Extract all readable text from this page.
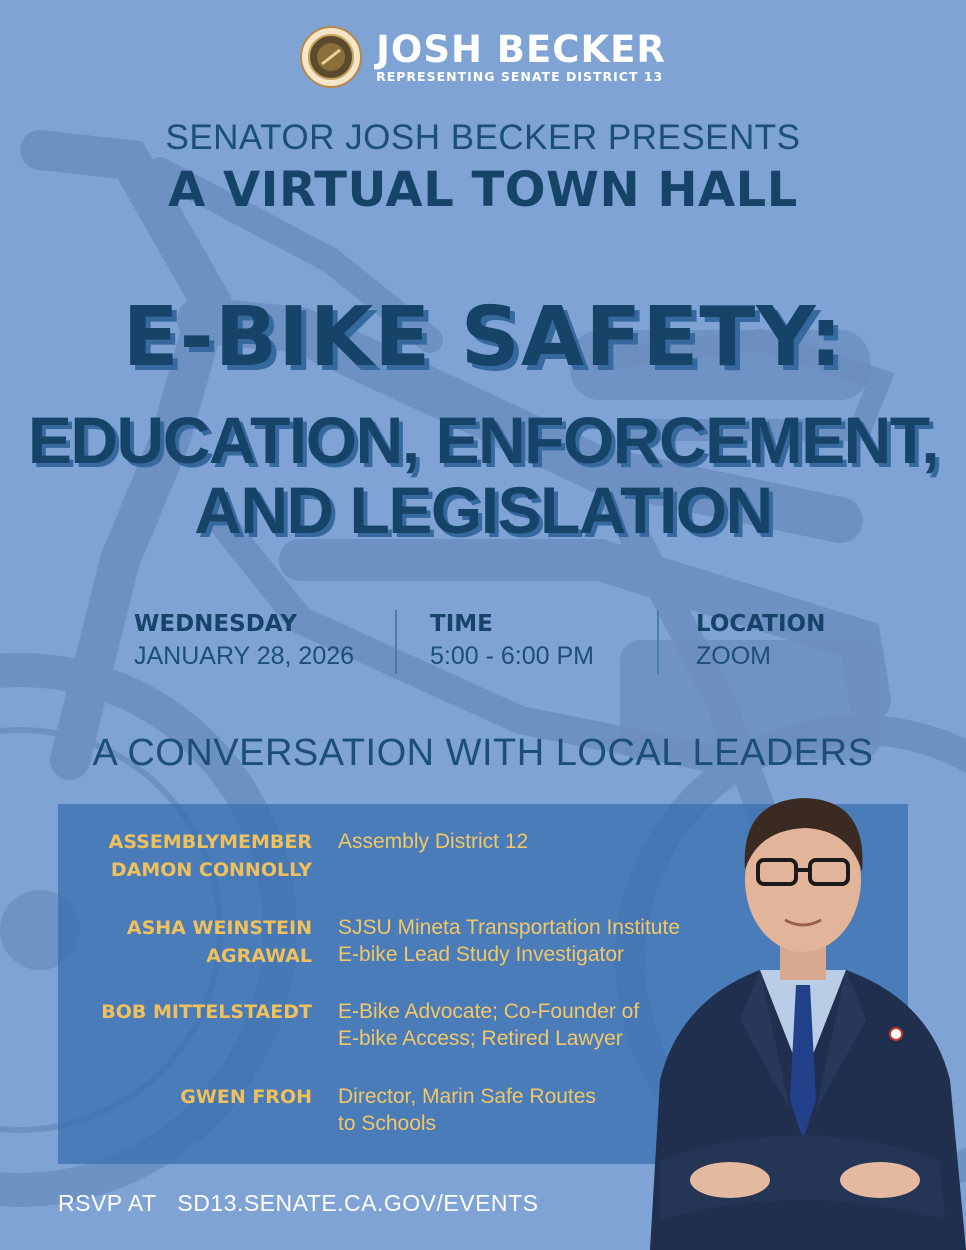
JOSH BECKER
REPRESENTING SENATE DISTRICT 13
SENATOR JOSH BECKER PRESENTS
A VIRTUAL TOWN HALL
E-BIKE SAFETY:
EDUCATION, ENFORCEMENT,
AND LEGISLATION
WEDNESDAY
JANUARY 28, 2026
TIME
5:00 - 6:00 PM
LOCATION
ZOOM
A CONVERSATION WITH LOCAL LEADERS
ASSEMBLYMEMBER
DAMON CONNOLLY
Assembly District 12
ASHA WEINSTEIN
AGRAWAL
SJSU Mineta Transportation Institute
E-bike Lead Study Investigator
BOB MITTELSTAEDT E-Bike Advocate; Co-Founder of
E-bike Access; Retired Lawyer
GWEN FROH Director, Marin Safe Routes
to Schools
RSVP AT SD13.SENATE.CA.GOV/EVENTS
